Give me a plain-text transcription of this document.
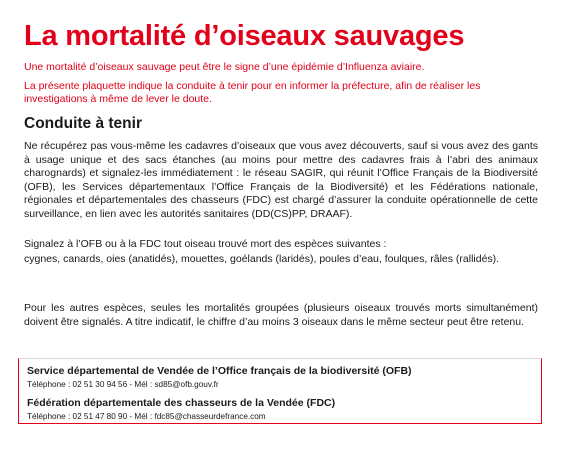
La mortalité d’oiseaux sauvages
Une mortalité d’oiseaux sauvage peut être le signe d’une épidémie d’Influenza aviaire.
La présente plaquette indique la conduite à tenir pour en informer la préfecture, afin de réaliser les investigations à même de lever le doute.
Conduite à tenir
Ne récupérez pas vous-même les cadavres d’oiseaux que vous avez découverts, sauf si vous avez des gants à usage unique et des sacs étanches (au moins pour mettre des cadavres frais à l’abri des animaux charognards) et signalez-les immédiatement : le réseau SAGIR, qui réunit l’Office Français de la Biodiversité (OFB), les Services départementaux l’Office Français de la Biodiversité) et les Fédérations nationale, régionales et départementales des chasseurs (FDC) est chargé d’assurer la conduite opérationnelle de cette surveillance, en lien avec les autorités sanitaires (DD(CS)PP, DRAAF).
Signalez à l’OFB ou à la FDC tout oiseau trouvé mort des espèces suivantes :
cygnes, canards, oies (anatidés), mouettes, goélands (laridés), poules d’eau, foulques, râles (rallidés).
Pour les autres espèces, seules les mortalités groupées (plusieurs oiseaux trouvés morts simultanément) doivent être signalés. A titre indicatif, le chiffre d’au moins 3 oiseaux dans le même secteur peut être retenu.
Service départemental de Vendée de l’Office français de la biodiversité (OFB)
Téléphone : 02 51 30 94 56 - Mél : sd85@ofb.gouv.fr
Fédération départementale des chasseurs de la Vendée (FDC)
Téléphone : 02 51 47 80 90 - Mél : fdc85@chasseurdefrance.com
